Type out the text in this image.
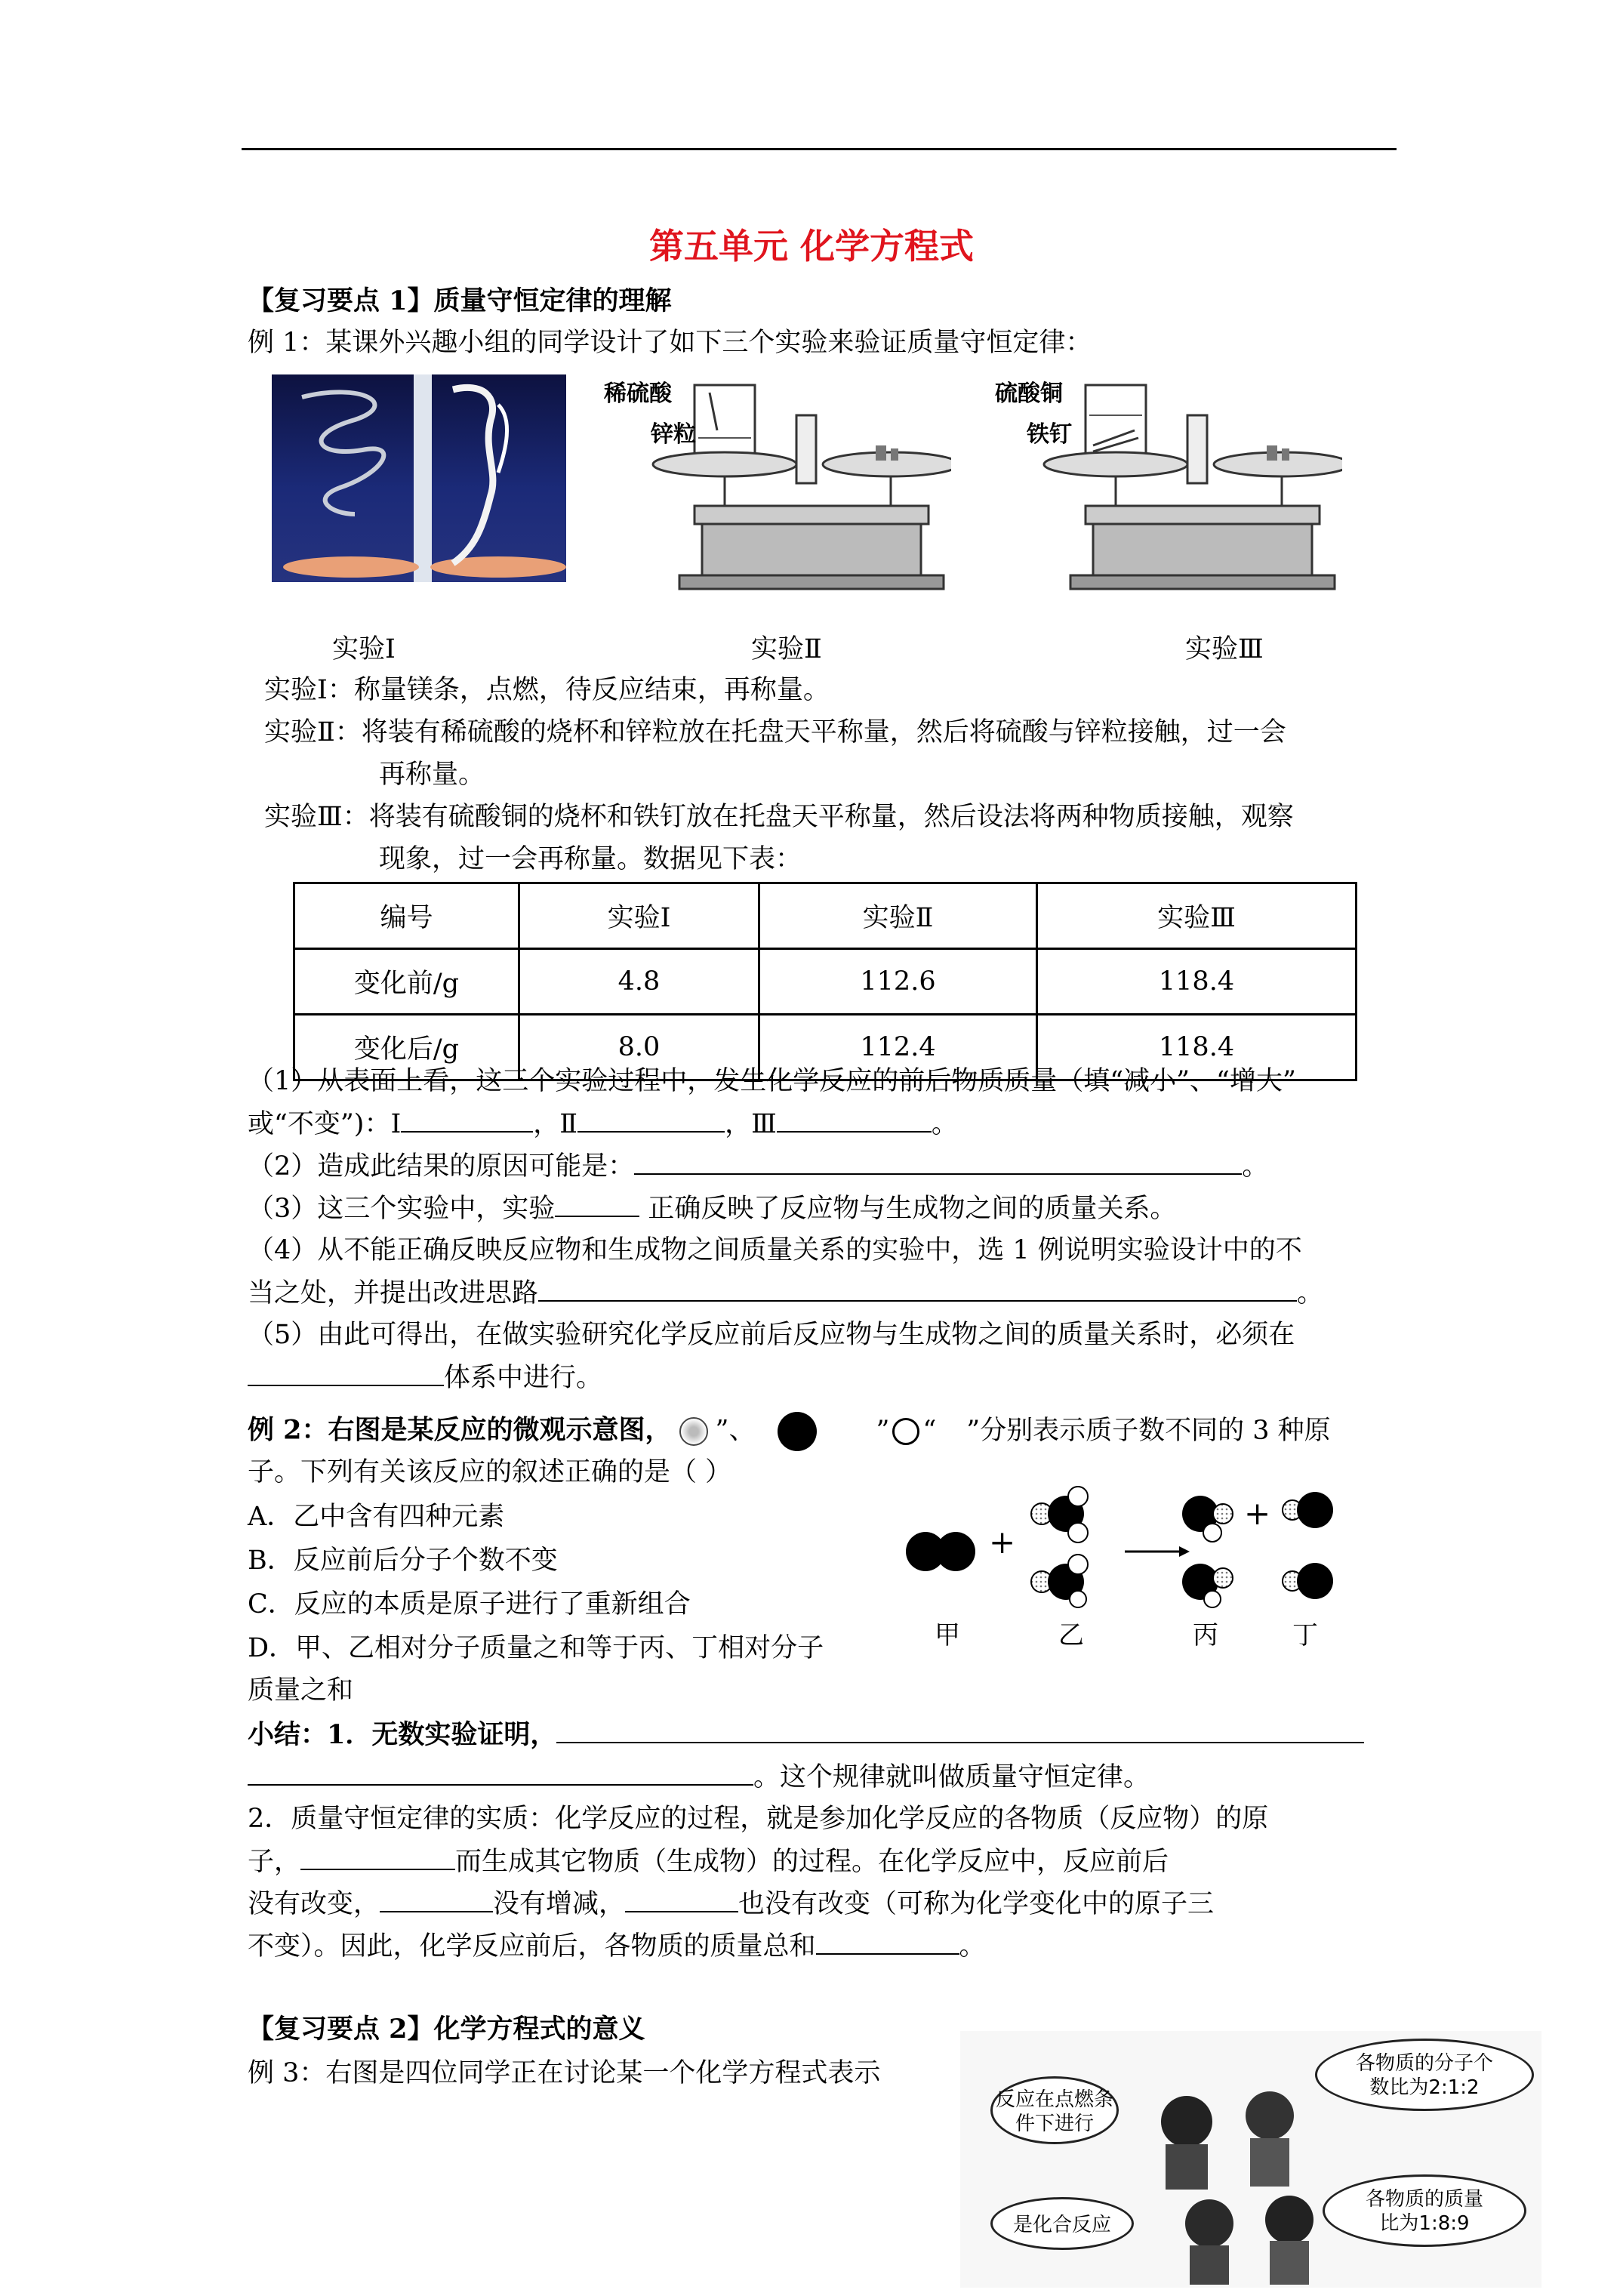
第五单元 化学方程式
【复习要点 1】质量守恒定律的理解
例 1：某课外兴趣小组的同学设计了如下三个实验来验证质量守恒定律：
稀硫酸
锌粒
硫酸铜
铁钉
实验Ⅰ	实验Ⅱ	实验Ⅲ
实验Ⅰ：称量镁条，点燃，待反应结束，再称量。
实验Ⅱ：将装有稀硫酸的烧杯和锌粒放在托盘天平称量，然后将硫酸与锌粒接触，过一会
再称量。
实验Ⅲ：将装有硫酸铜的烧杯和铁钉放在托盘天平称量，然后设法将两种物质接触，观察
现象，过一会再称量。数据见下表：
编号	实验Ⅰ	实验Ⅱ	实验Ⅲ
变化前/g	4.8	112.6	118.4
变化后/g	8.0	112.4	118.4
（1）从表面上看，这三个实验过程中，发生化学反应的前后物质质量（填“减小”、“增大”
或“不变”)：Ⅰ	，Ⅱ	，Ⅲ	。
（2）造成此结果的原因可能是：	。
（3）这三个实验中，实验	正确反映了反应物与生成物之间的质量关系。
（4）从不能正确反映反应物和生成物之间质量关系的实验中，选 1 例说明实验设计中的不
当之处，并提出改进思路	。
（5）由此可得出，在做实验研究化学反应前后反应物与生成物之间的质量关系时，必须在
体系中进行。
例 2：右图是某反应的微观示意图， ”、	” “ ”分别表示质子数不同的 3 种原
子。下列有关该反应的叙述正确的是（ ）
A．乙中含有四种元素
B．反应前后分子个数不变
C．反应的本质是原子进行了重新组合
D．甲、乙相对分子质量之和等于丙、丁相对分子
质量之和
+
+
甲	乙	丙	丁
小结：1．无数实验证明，
。这个规律就叫做质量守恒定律。
2．质量守恒定律的实质：化学反应的过程，就是参加化学反应的各物质（反应物）的原
子，	而生成其它物质（生成物）的过程。在化学反应中，反应前后
没有改变，	没有增减，	也没有改变（可称为化学变化中的原子三
不变）。因此，化学反应前后，各物质的质量总和	。
【复习要点 2】化学方程式的意义
例 3：右图是四位同学正在讨论某一个化学方程式表示
反应在点燃条件下进行
各物质的分子个数比为2:1:2
是化合反应
各物质的质量比为1:8:9
